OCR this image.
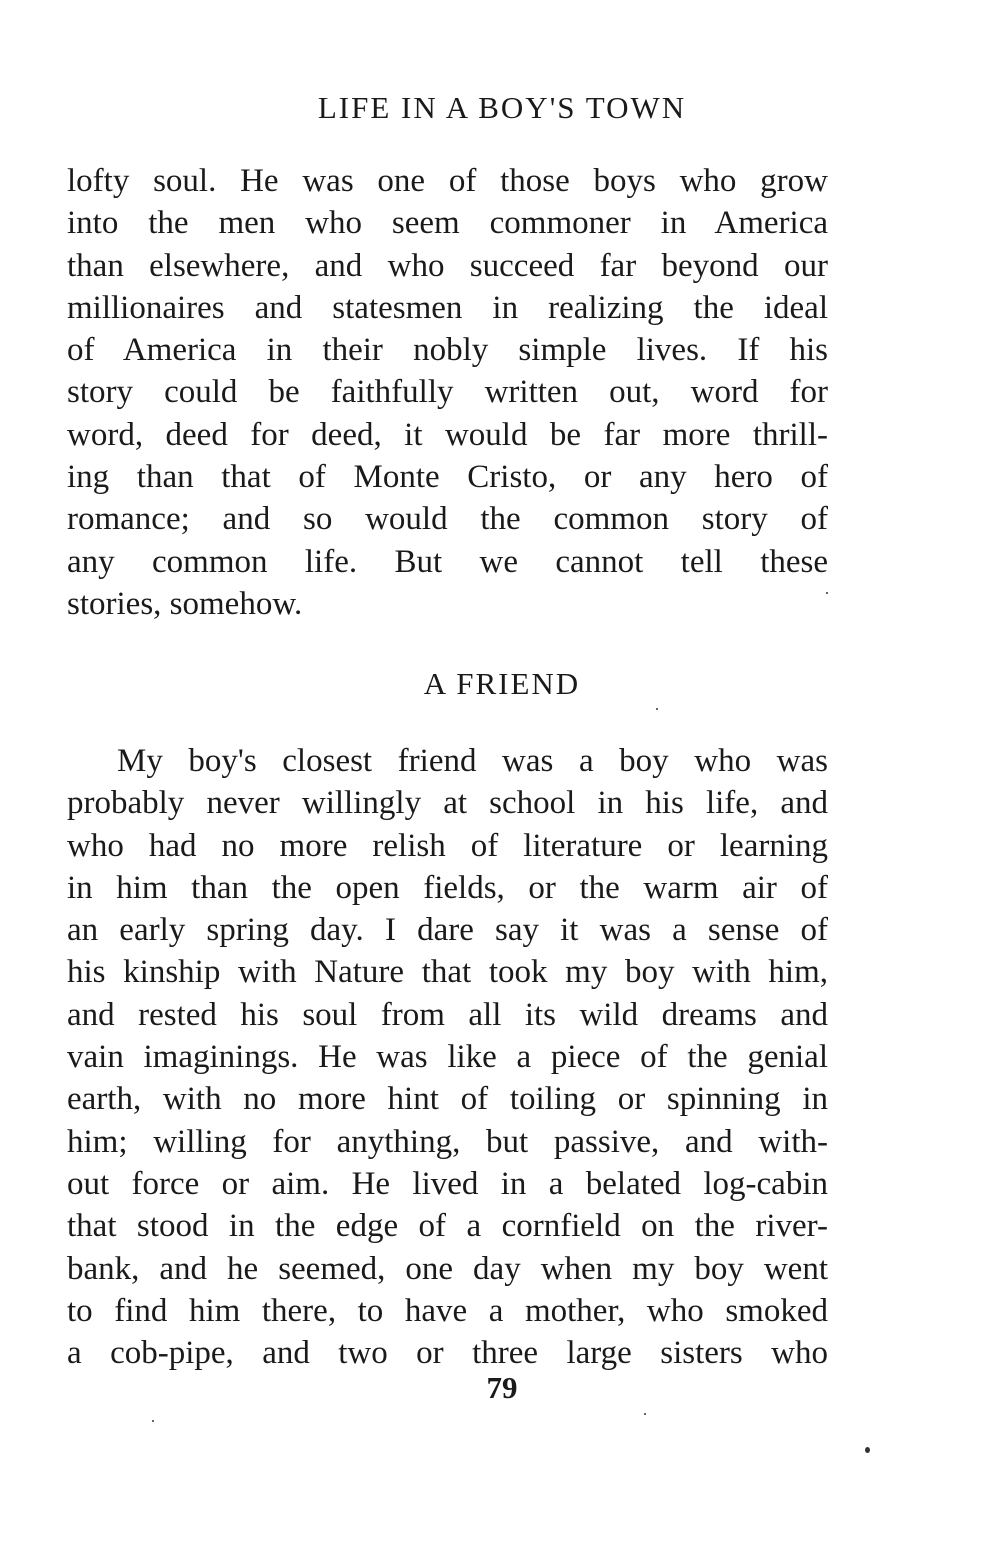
LIFE IN A BOY'S TOWN
lofty soul. He was one of those boys who grow
into the men who seem commoner in America
than elsewhere, and who succeed far beyond our
millionaires and statesmen in realizing the ideal
of America in their nobly simple lives. If his
story could be faithfully written out, word for
word, deed for deed, it would be far more thrill-
ing than that of Monte Cristo, or any hero of
romance; and so would the common story of
any common life. But we cannot tell these
stories, somehow.
A FRIEND
My boy's closest friend was a boy who was
probably never willingly at school in his life, and
who had no more relish of literature or learning
in him than the open fields, or the warm air of
an early spring day. I dare say it was a sense of
his kinship with Nature that took my boy with him,
and rested his soul from all its wild dreams and
vain imaginings. He was like a piece of the genial
earth, with no more hint of toiling or spinning in
him; willing for anything, but passive, and with-
out force or aim. He lived in a belated log-cabin
that stood in the edge of a cornfield on the river-
bank, and he seemed, one day when my boy went
to find him there, to have a mother, who smoked
a cob-pipe, and two or three large sisters who
79
